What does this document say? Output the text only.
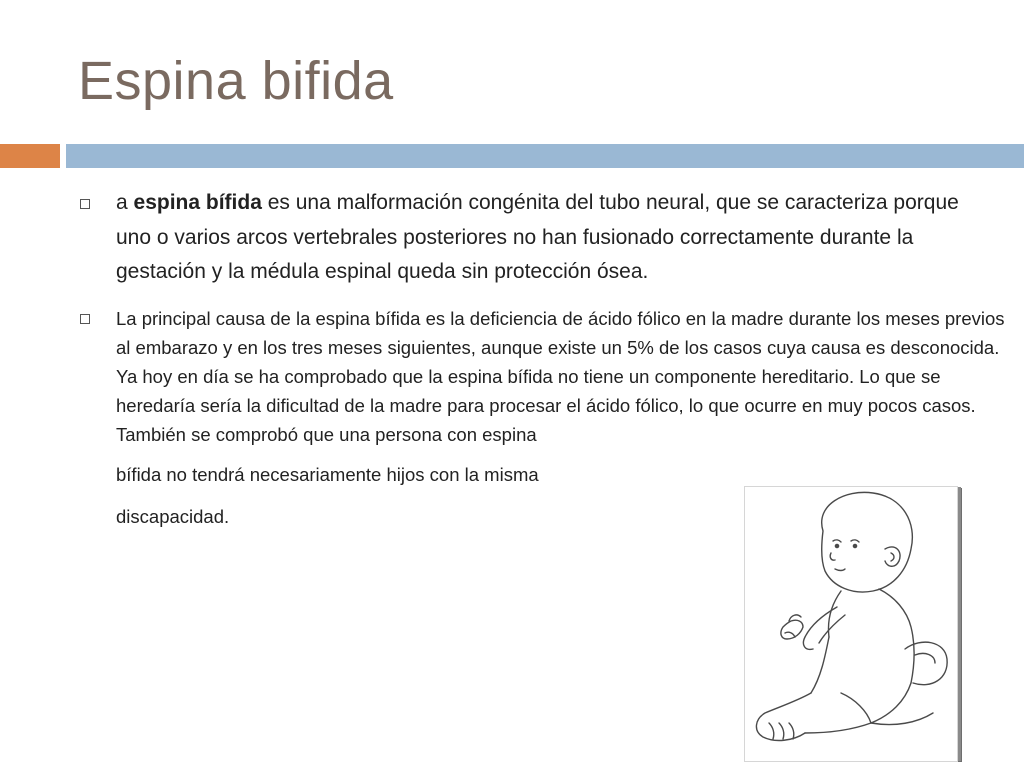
Espina bifida
a espina bífida es una malformación congénita del tubo neural, que se caracteriza porque uno o varios arcos vertebrales posteriores no han fusionado correctamente durante la gestación y la médula espinal queda sin protección ósea.
La principal causa de la espina bífida es la deficiencia de ácido fólico en la madre durante los meses previos al embarazo y en los tres meses siguientes, aunque existe un 5% de los casos cuya causa es desconocida. Ya hoy en día se ha comprobado que la espina bífida no tiene un componente hereditario. Lo que se heredaría sería la dificultad de la madre para procesar el ácido fólico, lo que ocurre en muy pocos casos. También se comprobó que una persona con espina
bífida no tendrá necesariamente hijos con la misma
discapacidad.
